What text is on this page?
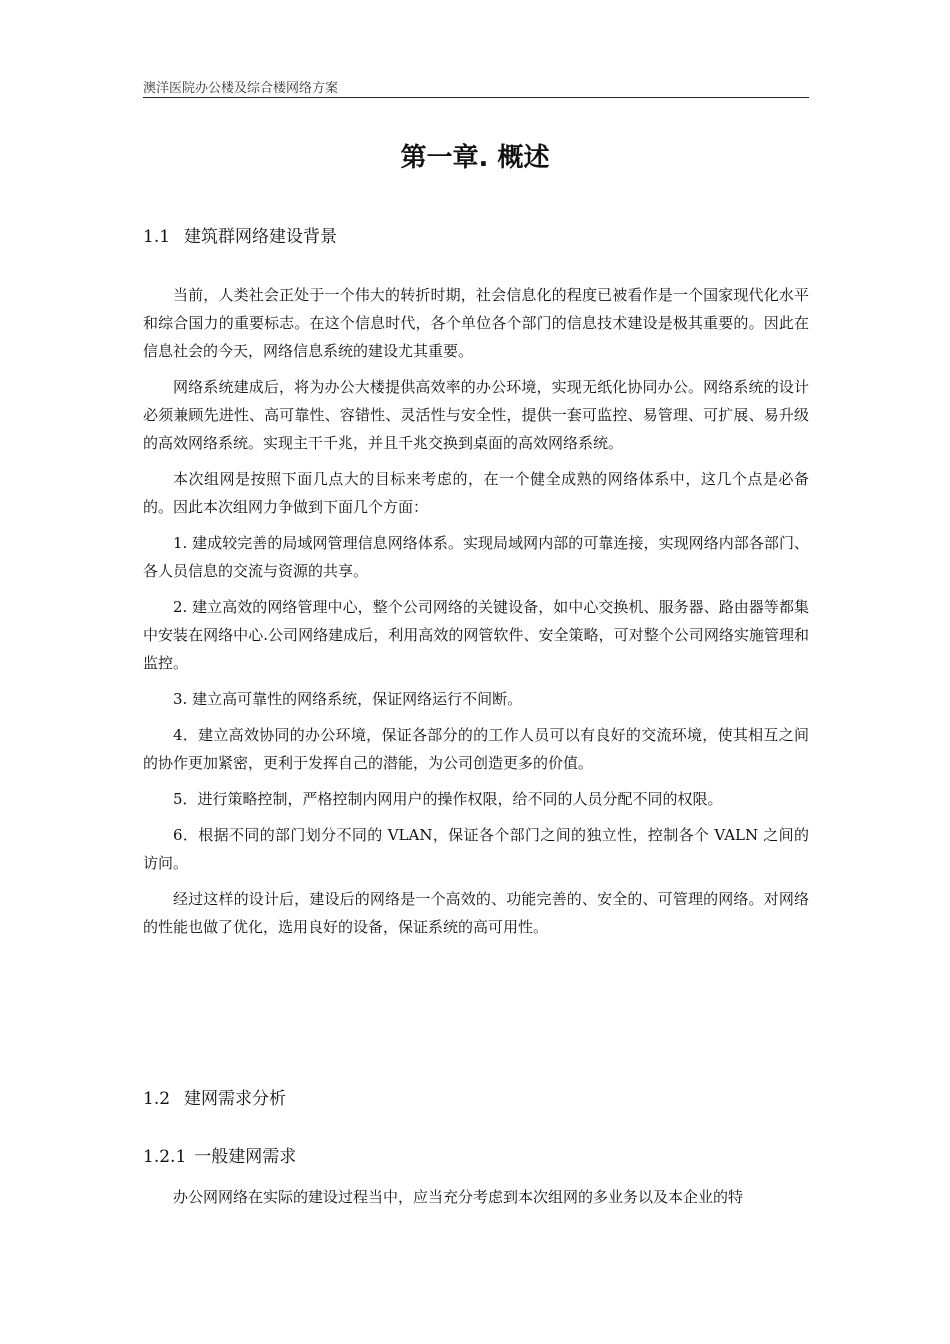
澳洋医院办公楼及综合楼网络方案
第一章. 概述
1.1 建筑群网络建设背景

当前，人类社会正处于一个伟大的转折时期，社会信息化的程度已被看作是一个国家现代化水平和综合国力的重要标志。在这个信息时代，各个单位各个部门的信息技术建设是极其重要的。因此在信息社会的今天，网络信息系统的建设尤其重要。

网络系统建成后，将为办公大楼提供高效率的办公环境，实现无纸化协同办公。网络系统的设计必须兼顾先进性、高可靠性、容错性、灵活性与安全性，提供一套可监控、易管理、可扩展、易升级的高效网络系统。实现主干千兆，并且千兆交换到桌面的高效网络系统。

本次组网是按照下面几点大的目标来考虑的，在一个健全成熟的网络体系中，这几个点是必备的。因此本次组网力争做到下面几个方面：

1. 建成较完善的局域网管理信息网络体系。实现局域网内部的可靠连接，实现网络内部各部门、各人员信息的交流与资源的共享。

2. 建立高效的网络管理中心，整个公司网络的关键设备，如中心交换机、服务器、路由器等都集中安装在网络中心.公司网络建成后，利用高效的网管软件、安全策略，可对整个公司网络实施管理和监控。

3. 建立高可靠性的网络系统，保证网络运行不间断。

4．建立高效协同的办公环境，保证各部分的的工作人员可以有良好的交流环境，使其相互之间的协作更加紧密，更利于发挥自己的潜能，为公司创造更多的价值。

5．进行策略控制，严格控制内网用户的操作权限，给不同的人员分配不同的权限。

6．根据不同的部门划分不同的 VLAN，保证各个部门之间的独立性，控制各个 VALN 之间的访问。

经过这样的设计后，建设后的网络是一个高效的、功能完善的、安全的、可管理的网络。对网络的性能也做了优化，选用良好的设备，保证系统的高可用性。

1.2 建网需求分析
1.2.1 一般建网需求

办公网网络在实际的建设过程当中，应当充分考虑到本次组网的多业务以及本企业的特
